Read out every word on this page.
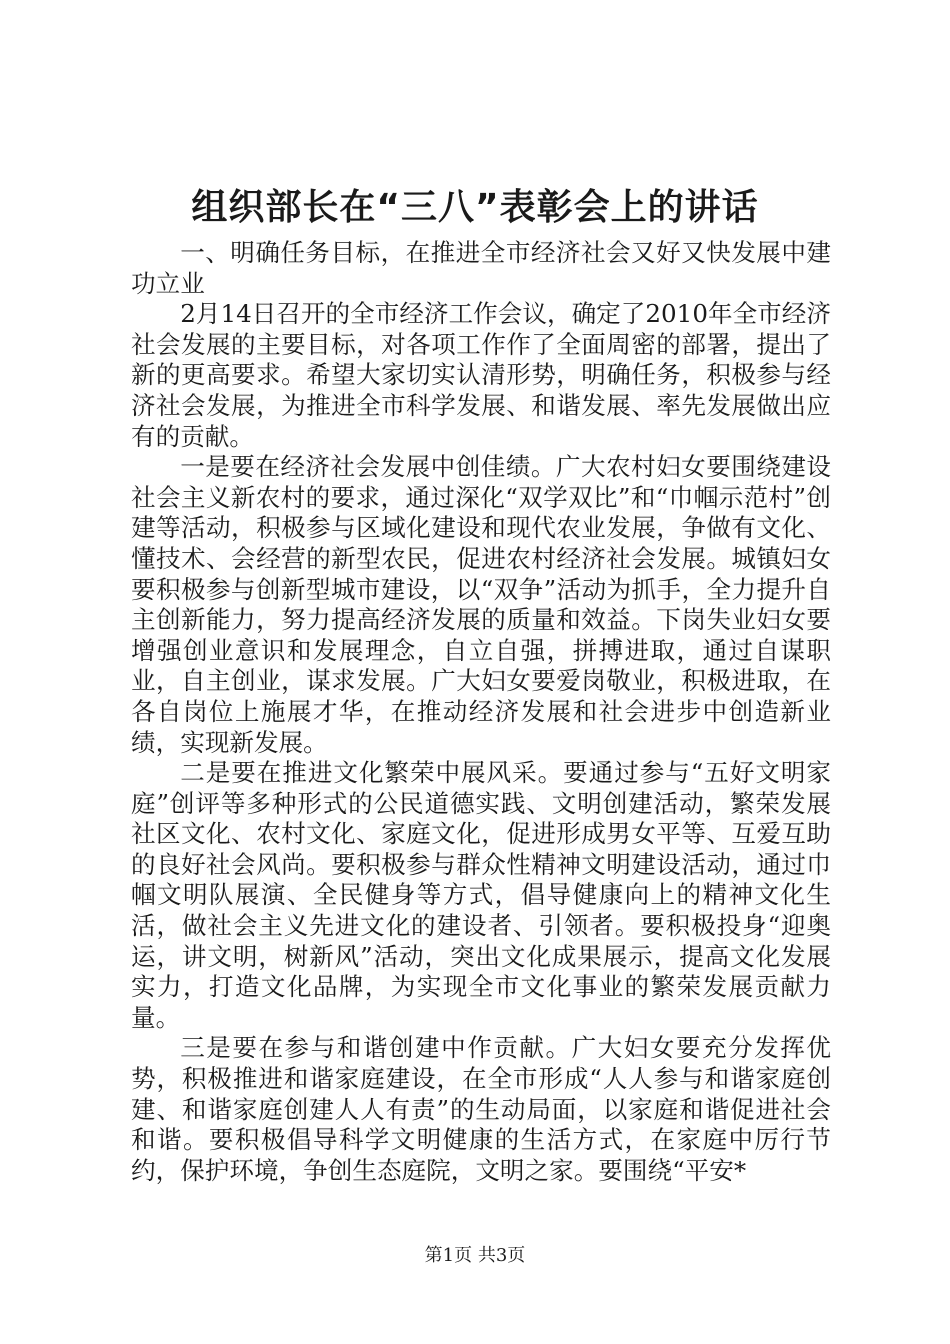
组织部长在“三八”表彰会上的讲话

一、明确任务目标，在推进全市经济社会又好又快发展中建功立业

2月14日召开的全市经济工作会议，确定了2010年全市经济社会发展的主要目标，对各项工作作了全面周密的部署，提出了新的更高要求。希望大家切实认清形势，明确任务，积极参与经济社会发展，为推进全市科学发展、和谐发展、率先发展做出应有的贡献。

一是要在经济社会发展中创佳绩。广大农村妇女要围绕建设社会主义新农村的要求，通过深化“双学双比”和“巾帼示范村”创建等活动，积极参与区域化建设和现代农业发展，争做有文化、懂技术、会经营的新型农民，促进农村经济社会发展。城镇妇女要积极参与创新型城市建设，以“双争”活动为抓手，全力提升自主创新能力，努力提高经济发展的质量和效益。下岗失业妇女要增强创业意识和发展理念，自立自强，拼搏进取，通过自谋职业，自主创业，谋求发展。广大妇女要爱岗敬业，积极进取，在各自岗位上施展才华，在推动经济发展和社会进步中创造新业绩，实现新发展。

二是要在推进文化繁荣中展风采。要通过参与“五好文明家庭”创评等多种形式的公民道德实践、文明创建活动，繁荣发展社区文化、农村文化、家庭文化，促进形成男女平等、互爱互助的良好社会风尚。要积极参与群众性精神文明建设活动，通过巾帼文明队展演、全民健身等方式，倡导健康向上的精神文化生活，做社会主义先进文化的建设者、引领者。要积极投身“迎奥运，讲文明，树新风”活动，突出文化成果展示，提高文化发展实力，打造文化品牌，为实现全市文化事业的繁荣发展贡献力量。

三是要在参与和谐创建中作贡献。广大妇女要充分发挥优势，积极推进和谐家庭建设，在全市形成“人人参与和谐家庭创建、和谐家庭创建人人有责”的生动局面，以家庭和谐促进社会和谐。要积极倡导科学文明健康的生活方式，在家庭中厉行节约，保护环境，争创生态庭院，文明之家。要围绕“平安*

第1页 共3页
